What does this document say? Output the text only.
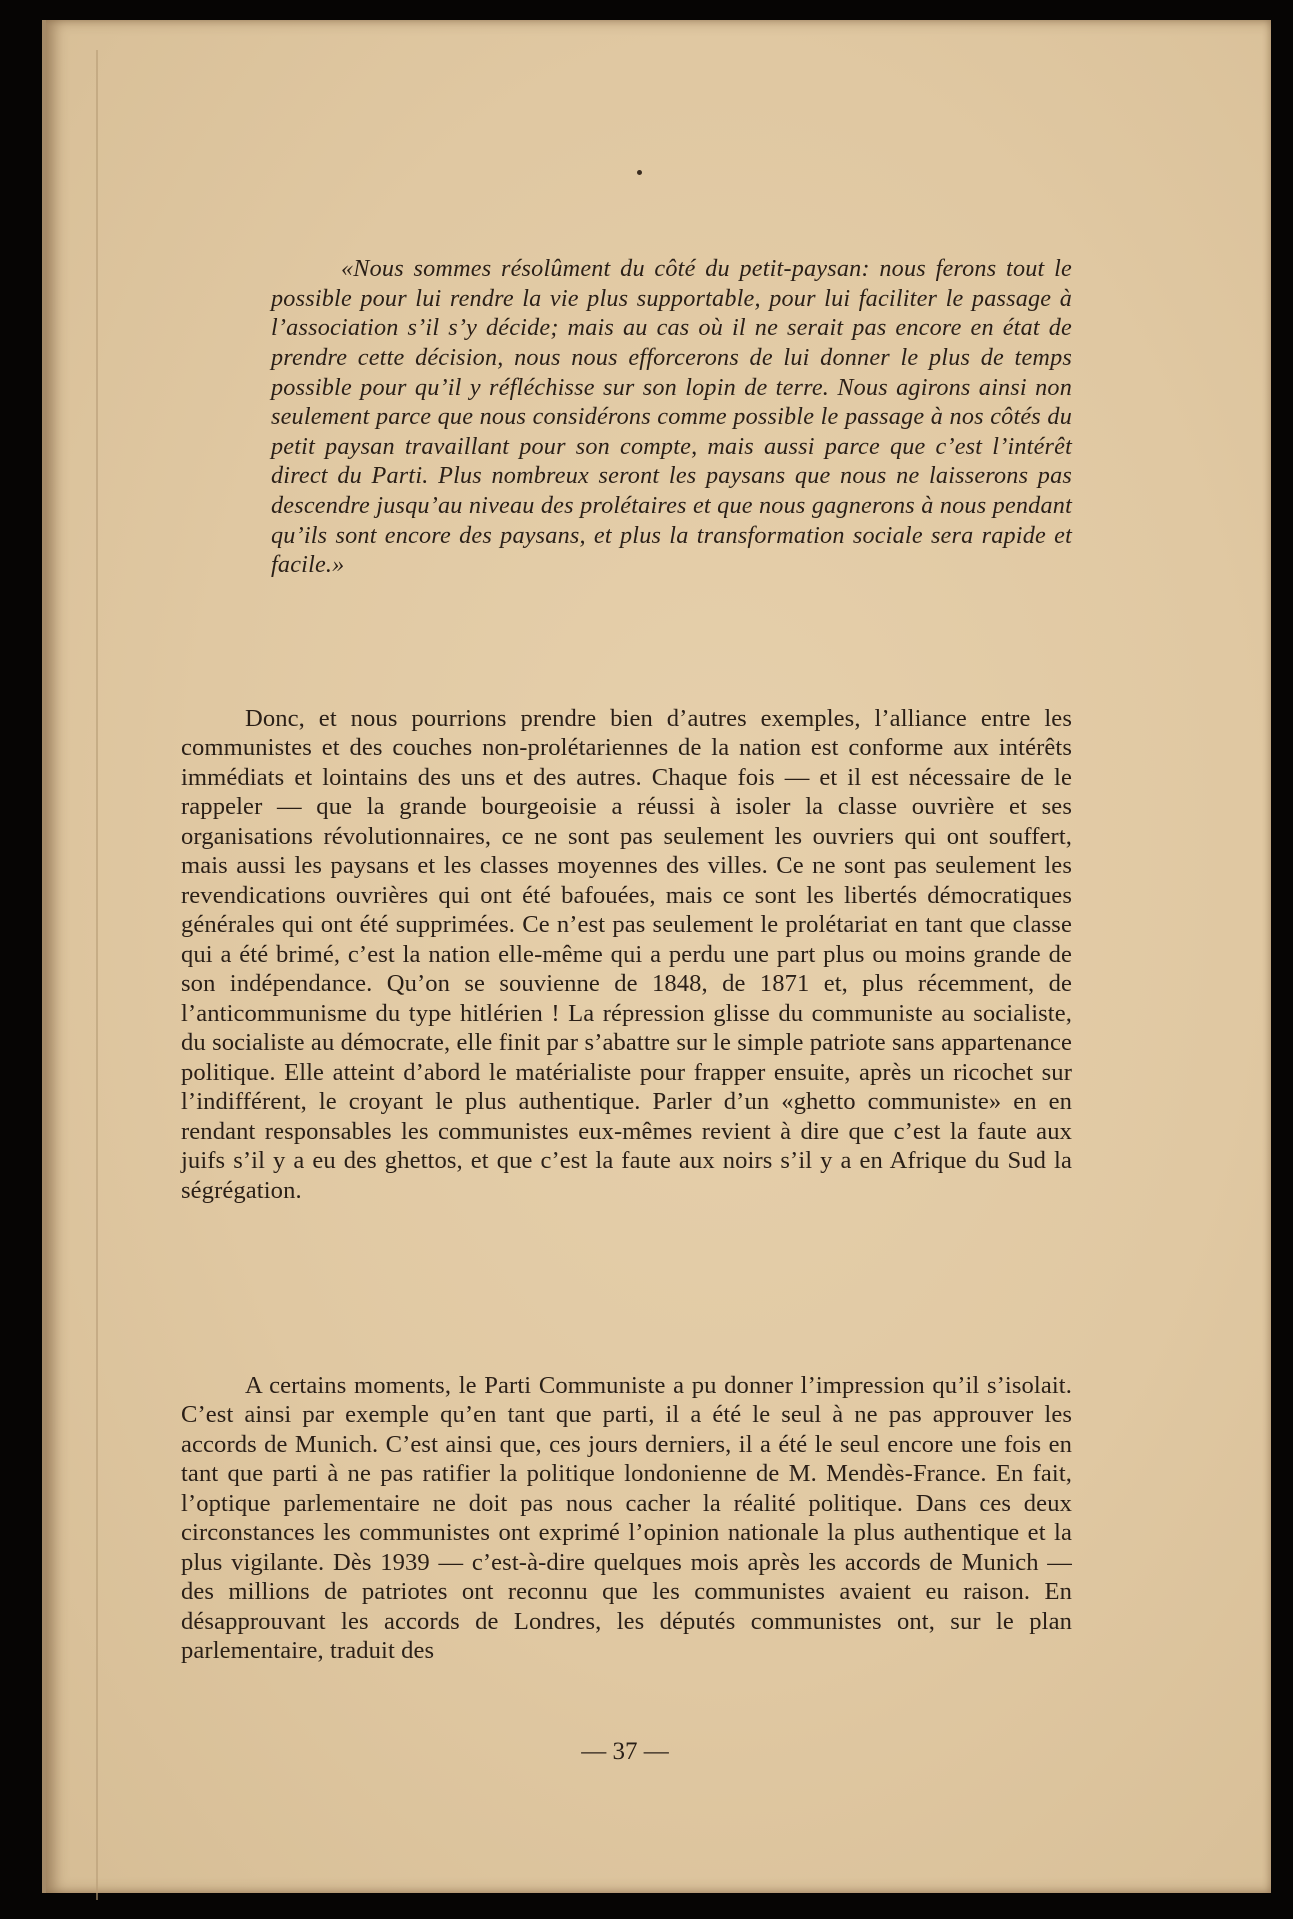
«Nous sommes résolûment du côté du petit-paysan: nous ferons tout le possible pour lui rendre la vie plus supportable, pour lui faciliter le passage à l’association s’il s’y décide; mais au cas où il ne serait pas encore en état de prendre cette décision, nous nous efforcerons de lui donner le plus de temps possible pour qu’il y réfléchisse sur son lopin de terre. Nous agirons ainsi non seulement parce que nous considérons comme possible le passage à nos côtés du petit paysan travaillant pour son compte, mais aussi parce que c’est l’intérêt direct du Parti. Plus nombreux seront les paysans que nous ne laisserons pas descendre jusqu’au niveau des prolétaires et que nous gagnerons à nous pendant qu’ils sont encore des paysans, et plus la transformation sociale sera rapide et facile.»

Donc, et nous pourrions prendre bien d’autres exemples, l’alliance entre les communistes et des couches non-prolétariennes de la nation est conforme aux intérêts immédiats et lointains des uns et des autres. Chaque fois — et il est nécessaire de le rappeler — que la grande bourgeoisie a réussi à isoler la classe ouvrière et ses organisations révolutionnaires, ce ne sont pas seulement les ouvriers qui ont souffert, mais aussi les paysans et les classes moyennes des villes. Ce ne sont pas seulement les revendications ouvrières qui ont été bafouées, mais ce sont les libertés démocratiques générales qui ont été supprimées. Ce n’est pas seulement le prolétariat en tant que classe qui a été brimé, c’est la nation elle-même qui a perdu une part plus ou moins grande de son indépendance. Qu’on se souvienne de 1848, de 1871 et, plus récemment, de l’anticommunisme du type hitlérien ! La répression glisse du communiste au socialiste, du socialiste au démocrate, elle finit par s’abattre sur le simple patriote sans appartenance politique. Elle atteint d’abord le matérialiste pour frapper ensuite, après un ricochet sur l’indifférent, le croyant le plus authentique. Parler d’un «ghetto communiste» en en rendant responsables les communistes eux-mêmes revient à dire que c’est la faute aux juifs s’il y a eu des ghettos, et que c’est la faute aux noirs s’il y a en Afrique du Sud la ségrégation.

A certains moments, le Parti Communiste a pu donner l’impression qu’il s’isolait. C’est ainsi par exemple qu’en tant que parti, il a été le seul à ne pas approuver les accords de Munich. C’est ainsi que, ces jours derniers, il a été le seul encore une fois en tant que parti à ne pas ratifier la politique londonienne de M. Mendès-France. En fait, l’optique parlementaire ne doit pas nous cacher la réalité politique. Dans ces deux circonstances les communistes ont exprimé l’opinion nationale la plus authentique et la plus vigilante. Dès 1939 — c’est-à-dire quelques mois après les accords de Munich — des millions de patriotes ont reconnu que les communistes avaient eu raison. En désapprouvant les accords de Londres, les députés communistes ont, sur le plan parlementaire, traduit des

— 37 —
